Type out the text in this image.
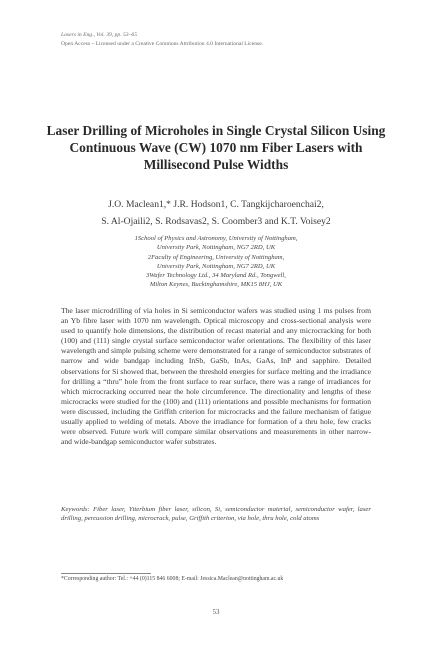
Lasers in Eng., Vol. 39, pp. 53–65
Open Access – Licensed under a Creative Commons Attribution 4.0 International License.
Laser Drilling of Microholes in Single Crystal Silicon Using Continuous Wave (CW) 1070 nm Fiber Lasers with Millisecond Pulse Widths
J.O. Maclean1,* J.R. Hodson1, C. Tangkijcharoenchai2,
S. Al-Ojaili2, S. Rodsavas2, S. Coomber3 and K.T. Voisey2

1School of Physics and Astronomy, University of Nottingham,

University Park, Nottingham, NG7 2RD, UK

2Faculty of Engineering, University of Nottingham,

University Park, Nottingham, NG7 2RD, UK

3Wafer Technology Ltd., 34 Maryland Rd., Tongwell,

Milton Keynes, Buckinghamshire, MK15 8HJ, UK

The laser microdrilling of via holes in Si semiconductor wafers was studied using 1 ms pulses from an Yb fibre laser with 1070 nm wavelength. Optical microscopy and cross-sectional analysis were used to quantify hole dimensions, the distribution of recast material and any microcracking for both (100) and (111) single crystal surface semiconductor wafer orientations. The flexibility of this laser wavelength and simple pulsing scheme were demonstrated for a range of semiconductor substrates of narrow and wide bandgap including InSb, GaSb, InAs, GaAs, InP and sapphire. Detailed observations for Si showed that, between the threshold energies for surface melting and the irradiance for drilling a “thru” hole from the front surface to rear surface, there was a range of irradiances for which microcracking occurred near the hole circumference. The directionality and lengths of these microcracks were studied for the (100) and (111) orientations and possible mechanisms for formation were discussed, including the Griffith criterion for microcracks and the failure mechanism of fatigue usually applied to welding of metals. Above the irradiance for formation of a thru hole, few cracks were observed. Future work will compare similar observations and measurements in other narrow- and wide-bandgap semiconductor wafer substrates.

Keywords: Fiber laser, Ytterbium fiber laser, silicon, Si, semiconductor material, semiconductor wafer, laser drilling, percussion drilling, microcrack, pulse, Griffith criterion, via hole, thru hole, cold atoms

*Corresponding author: Tel.: +44 (0)115 846 6008; E-mail: Jessica.Maclean@nottingham.ac.uk
53
